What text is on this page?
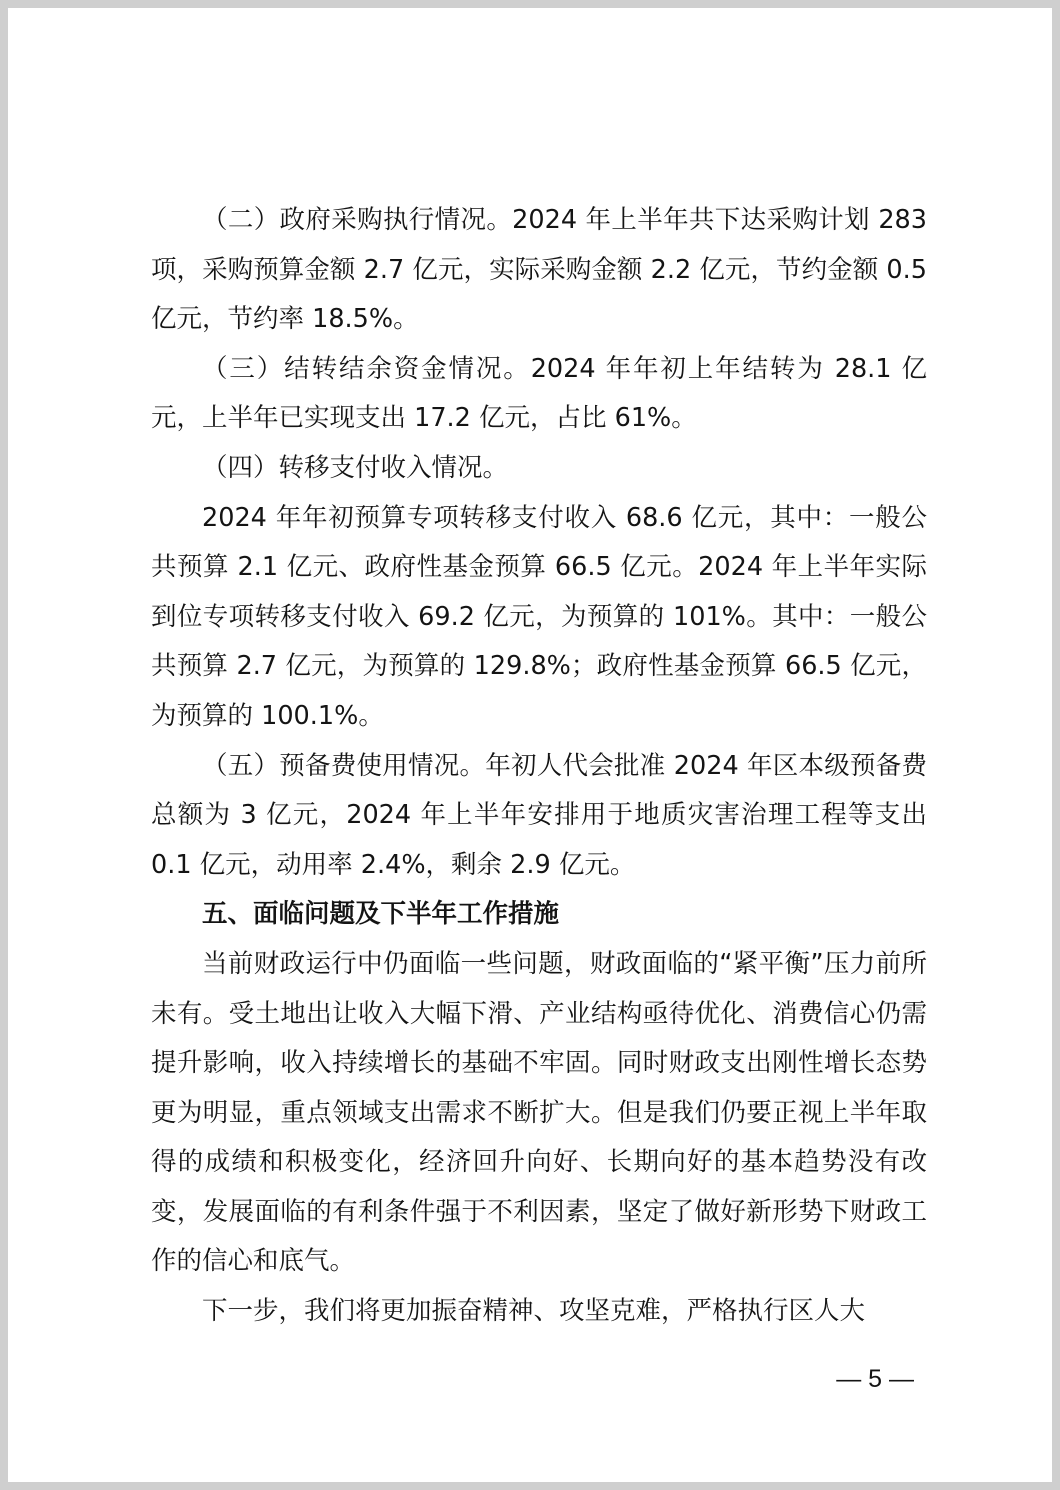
（二）政府采购执行情况。2024 年上半年共下达采购计划 283 项，采购预算金额 2.7 亿元，实际采购金额 2.2 亿元，节约金额 0.5 亿元，节约率 18.5%。

（三）结转结余资金情况。2024 年年初上年结转为 28.1 亿元，上半年已实现支出 17.2 亿元，占比 61%。

（四）转移支付收入情况。

2024 年年初预算专项转移支付收入 68.6 亿元，其中：一般公共预算 2.1 亿元、政府性基金预算 66.5 亿元。2024 年上半年实际到位专项转移支付收入 69.2 亿元，为预算的 101%。其中：一般公共预算 2.7 亿元，为预算的 129.8%；政府性基金预算 66.5 亿元，为预算的 100.1%。

（五）预备费使用情况。年初人代会批准 2024 年区本级预备费总额为 3 亿元，2024 年上半年安排用于地质灾害治理工程等支出 0.1 亿元，动用率 2.4%，剩余 2.9 亿元。

五、面临问题及下半年工作措施

当前财政运行中仍面临一些问题，财政面临的“紧平衡”压力前所未有。受土地出让收入大幅下滑、产业结构亟待优化、消费信心仍需提升影响，收入持续增长的基础不牢固。同时财政支出刚性增长态势更为明显，重点领域支出需求不断扩大。但是我们仍要正视上半年取得的成绩和积极变化，经济回升向好、长期向好的基本趋势没有改变，发展面临的有利条件强于不利因素，坚定了做好新形势下财政工作的信心和底气。

下一步，我们将更加振奋精神、攻坚克难，严格执行区人大

— 5 —
